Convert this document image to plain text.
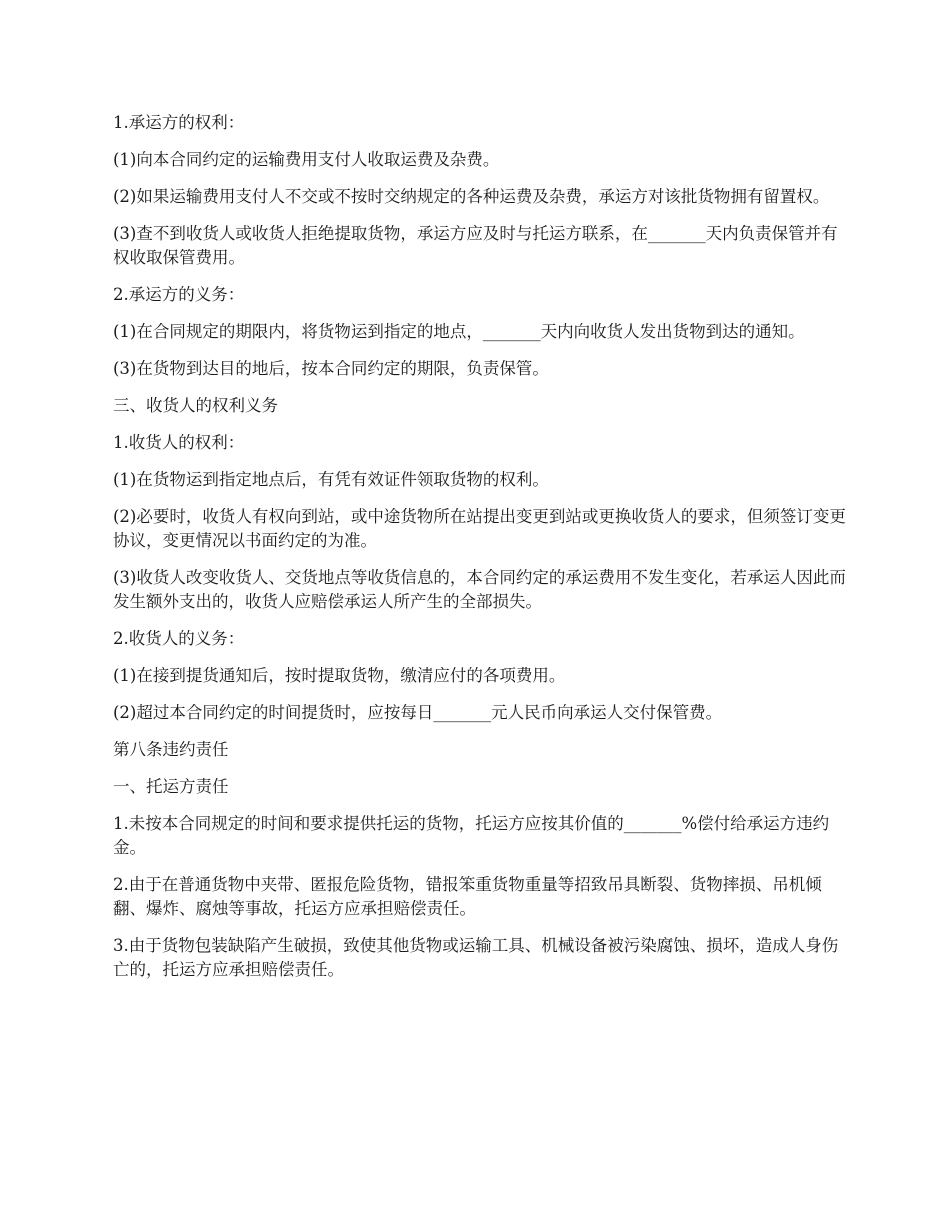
1.承运方的权利：

(1)向本合同约定的运输费用支付人收取运费及杂费。

(2)如果运输费用支付人不交或不按时交纳规定的各种运费及杂费，承运方对该批货物拥有留置权。

(3)查不到收货人或收货人拒绝提取货物，承运方应及时与托运方联系，在_______天内负责保管并有权收取保管费用。

2.承运方的义务：

(1)在合同规定的期限内，将货物运到指定的地点，_______天内向收货人发出货物到达的通知。

(3)在货物到达目的地后，按本合同约定的期限，负责保管。

三、收货人的权利义务

1.收货人的权利：

(1)在货物运到指定地点后，有凭有效证件领取货物的权利。

(2)必要时，收货人有权向到站，或中途货物所在站提出变更到站或更换收货人的要求，但须签订变更协议，变更情况以书面约定的为准。

(3)收货人改变收货人、交货地点等收货信息的，本合同约定的承运费用不发生变化，若承运人因此而发生额外支出的，收货人应赔偿承运人所产生的全部损失。

2.收货人的义务：

(1)在接到提货通知后，按时提取货物，缴清应付的各项费用。

(2)超过本合同约定的时间提货时，应按每日_______元人民币向承运人交付保管费。

第八条违约责任

一、托运方责任

1.未按本合同规定的时间和要求提供托运的货物，托运方应按其价值的_______%偿付给承运方违约金。

2.由于在普通货物中夹带、匿报危险货物，错报笨重货物重量等招致吊具断裂、货物摔损、吊机倾翻、爆炸、腐烛等事故，托运方应承担赔偿责任。

3.由于货物包装缺陷产生破损，致使其他货物或运输工具、机械设备被污染腐蚀、损坏，造成人身伤亡的，托运方应承担赔偿责任。
